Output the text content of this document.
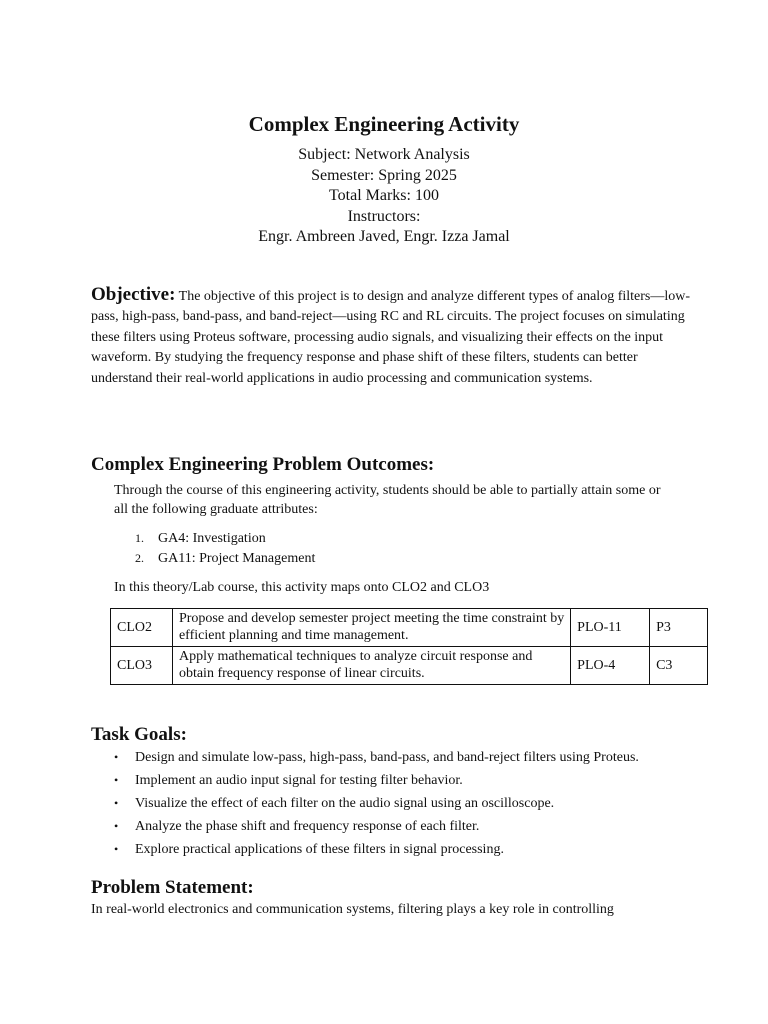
Complex Engineering Activity

Subject: Network Analysis

Semester: Spring 2025

Total Marks: 100

Instructors:

Engr. Ambreen Javed, Engr. Izza Jamal

Objective: The objective of this project is to design and analyze different types of analog filters—low-pass, high-pass, band-pass, and band-reject—using RC and RL circuits. The project focuses on simulating these filters using Proteus software, processing audio signals, and visualizing their effects on the input waveform. By studying the frequency response and phase shift of these filters, students can better understand their real-world applications in audio processing and communication systems.

Complex Engineering Problem Outcomes:

Through the course of this engineering activity, students should be able to partially attain some or all the following graduate attributes:

1.	GA4: Investigation
2.	GA11: Project Management

In this theory/Lab course, this activity maps onto CLO2 and CLO3

CLO2	Propose and develop semester project meeting the time constraint by efficient planning and time management.	PLO-11	P3
CLO3	Apply mathematical techniques to analyze circuit response and obtain frequency response of linear circuits.	PLO-4	C3
Task Goals:
•	Design and simulate low-pass, high-pass, band-pass, and band-reject filters using Proteus.
•	Implement an audio input signal for testing filter behavior.
•	Visualize the effect of each filter on the audio signal using an oscilloscope.
•	Analyze the phase shift and frequency response of each filter.
•	Explore practical applications of these filters in signal processing.
Problem Statement:

In real-world electronics and communication systems, filtering plays a key role in controlling
